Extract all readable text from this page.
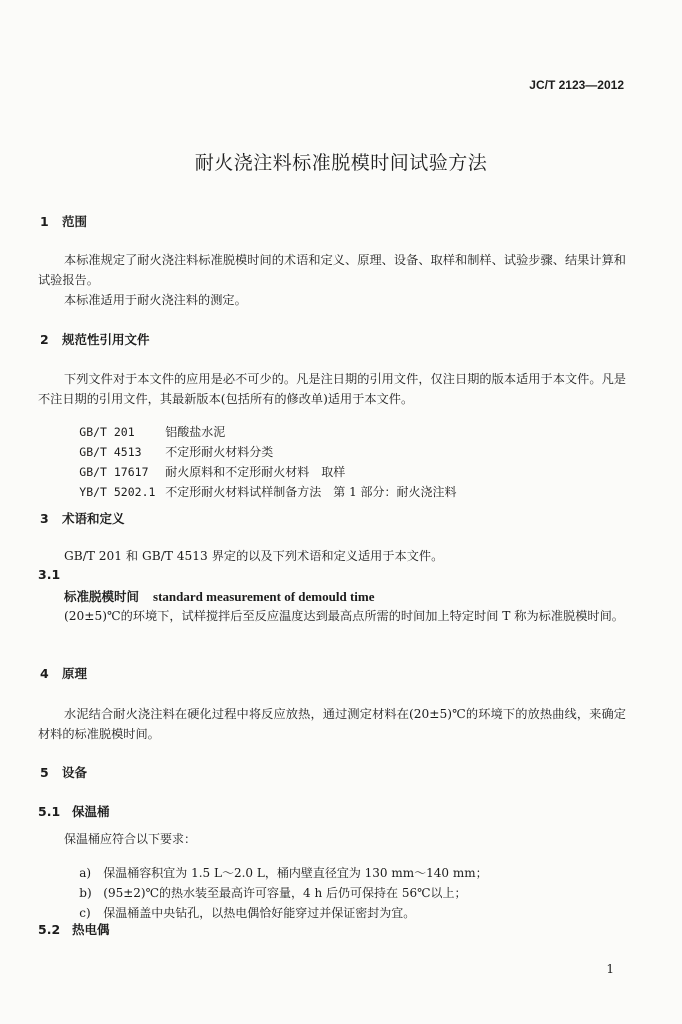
JC/T 2123—2012
耐火浇注料标准脱模时间试验方法
1 范围

本标准规定了耐火浇注料标准脱模时间的术语和定义、原理、设备、取样和制样、试验步骤、结果计算和试验报告。

本标准适用于耐火浇注料的测定。

2 规范性引用文件

下列文件对于本文件的应用是必不可少的。凡是注日期的引用文件，仅注日期的版本适用于本文件。凡是不注日期的引用文件，其最新版本(包括所有的修改单)适用于本文件。

GB/T 201	铝酸盐水泥

GB/T 4513 不定形耐火材料分类

GB/T 17617 耐火原料和不定形耐火材料　取样

YB/T 5202.1 不定形耐火材料试样制备方法　第 1 部分：耐火浇注料

3 术语和定义

GB/T 201 和 GB/T 4513 界定的以及下列术语和定义适用于本文件。

3.1
标准脱模时间 standard measurement of demould time

(20±5)℃的环境下，试样搅拌后至反应温度达到最高点所需的时间加上特定时间 T 称为标准脱模时间。

4 原理

水泥结合耐火浇注料在硬化过程中将反应放热，通过测定材料在(20±5)℃的环境下的放热曲线，来确定材料的标准脱模时间。

5 设备
5.1 保温桶
保温桶应符合以下要求：

a) 保温桶容积宜为 1.5 L～2.0 L，桶内壁直径宜为 130 mm～140 mm；

b) (95±2)℃的热水装至最高许可容量，4 h 后仍可保持在 56℃以上；

c) 保温桶盖中央钻孔，以热电偶恰好能穿过并保证密封为宜。

5.2 热电偶
1
